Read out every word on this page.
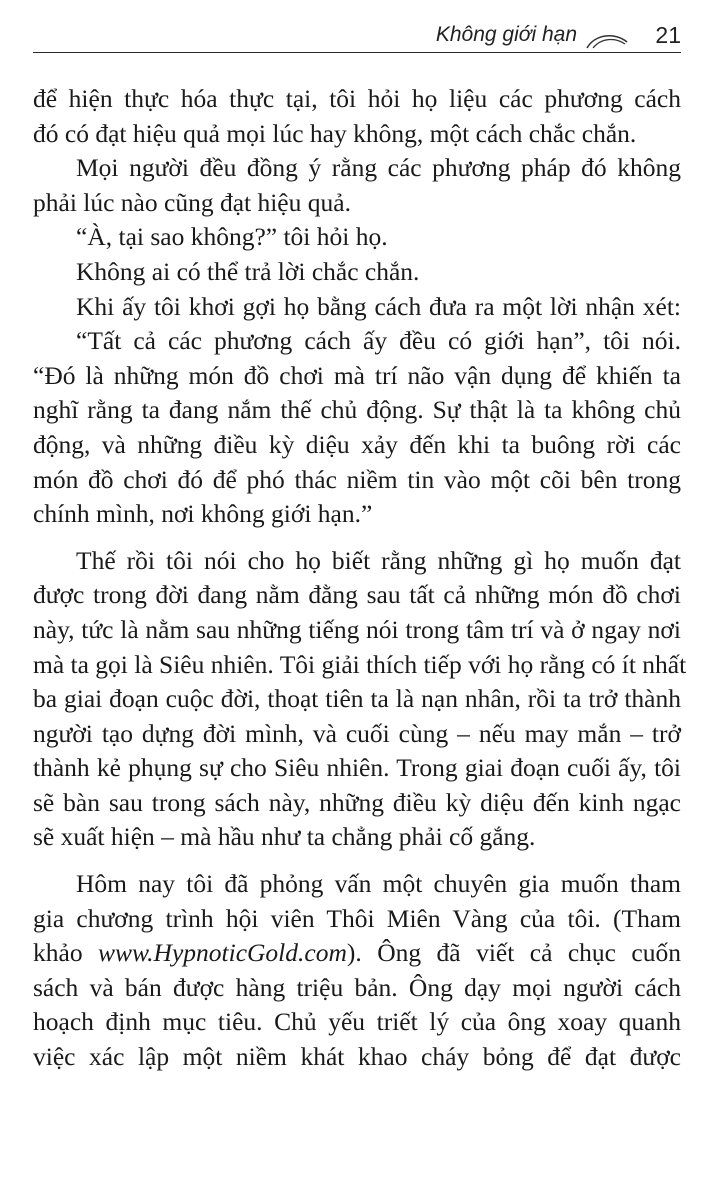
Không giới hạn	21
để hiện thực hóa thực tại, tôi hỏi họ liệu các phương cách
đó có đạt hiệu quả mọi lúc hay không, một cách chắc chắn.
Mọi người đều đồng ý rằng các phương pháp đó không
phải lúc nào cũng đạt hiệu quả.
“À, tại sao không?” tôi hỏi họ.
Không ai có thể trả lời chắc chắn.
Khi ấy tôi khơi gợi họ bằng cách đưa ra một lời nhận xét:
“Tất cả các phương cách ấy đều có giới hạn”, tôi nói.
“Đó là những món đồ chơi mà trí não vận dụng để khiến ta
nghĩ rằng ta đang nắm thế chủ động. Sự thật là ta không chủ
động, và những điều kỳ diệu xảy đến khi ta buông rời các
món đồ chơi đó để phó thác niềm tin vào một cõi bên trong
chính mình, nơi không giới hạn.”
Thế rồi tôi nói cho họ biết rằng những gì họ muốn đạt
được trong đời đang nằm đằng sau tất cả những món đồ chơi
này, tức là nằm sau những tiếng nói trong tâm trí và ở ngay nơi
mà ta gọi là Siêu nhiên. Tôi giải thích tiếp với họ rằng có ít nhất
ba giai đoạn cuộc đời, thoạt tiên ta là nạn nhân, rồi ta trở thành
người tạo dựng đời mình, và cuối cùng – nếu may mắn – trở
thành kẻ phụng sự cho Siêu nhiên. Trong giai đoạn cuối ấy, tôi
sẽ bàn sau trong sách này, những điều kỳ diệu đến kinh ngạc
sẽ xuất hiện – mà hầu như ta chẳng phải cố gắng.
Hôm nay tôi đã phỏng vấn một chuyên gia muốn tham
gia chương trình hội viên Thôi Miên Vàng của tôi. (Tham
khảo www.HypnoticGold.com). Ông đã viết cả chục cuốn
sách và bán được hàng triệu bản. Ông dạy mọi người cách
hoạch định mục tiêu. Chủ yếu triết lý của ông xoay quanh
việc xác lập một niềm khát khao cháy bỏng để đạt được
